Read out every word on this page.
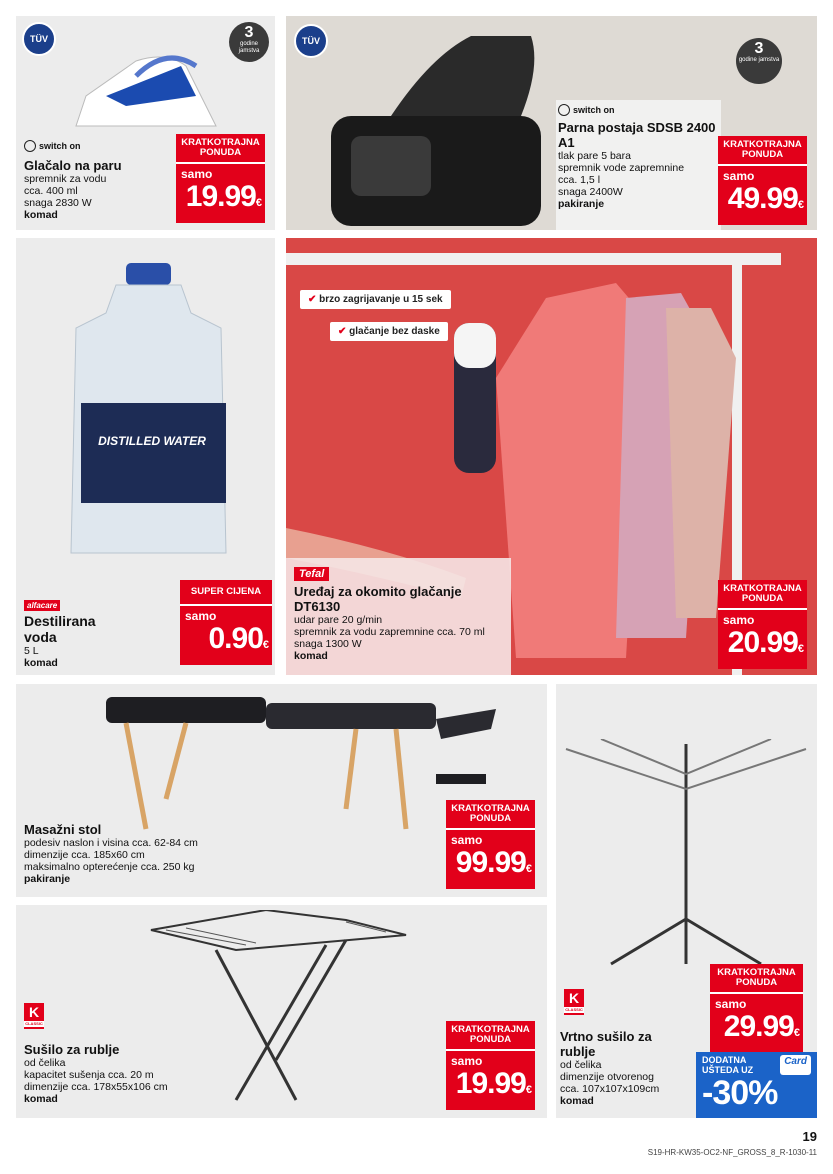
TÜV	3
godine jamstva
switch on
Glačalo na paru
spremnik za vodu
cca. 400 ml
snaga 2830 W
komad
KRATKOTRAJNA PONUDA
samo
19.99€
TÜV	3
godine jamstva
switch on
Parna postaja SDSB 2400 A1
tlak pare 5 bara
spremnik vode zapremnine
cca. 1,5 l
snaga 2400W
pakiranje
KRATKOTRAJNA PONUDA
samo
49.99€
DISTILLED WATER
alfacare
Destilirana voda
5 L
komad
SUPER CIJENA
samo
0.90€
✔ brzo zagrijavanje u 15 sek
✔ glačanje bez daske
Tefal
Uređaj za okomito glačanje DT6130
udar pare 20 g/min
spremnik za vodu zapremnine cca. 70 ml
snaga 1300 W
komad
KRATKOTRAJNA PONUDA
samo
20.99€
Masažni stol
podesiv naslon i visina cca. 62-84 cm
dimenzije cca. 185x60 cm
maksimalno opterećenje cca. 250 kg
pakiranje
KRATKOTRAJNA PONUDA
samo
99.99€
K
CLASSIC
Sušilo za rublje
od čelika
kapacitet sušenja cca. 20 m
dimenzije cca. 178x55x106 cm
komad
KRATKOTRAJNA PONUDA
samo
19.99€
K
CLASSIC
Vrtno sušilo za rublje
od čelika
dimenzije otvorenog
cca. 107x107x109cm
komad
KRATKOTRAJNA PONUDA
samo
29.99€
DODATNA
UŠTEDA UZ
Card
-30%
19
S19-HR-KW35-OC2-NF_GROSS_8_R-1030-11
